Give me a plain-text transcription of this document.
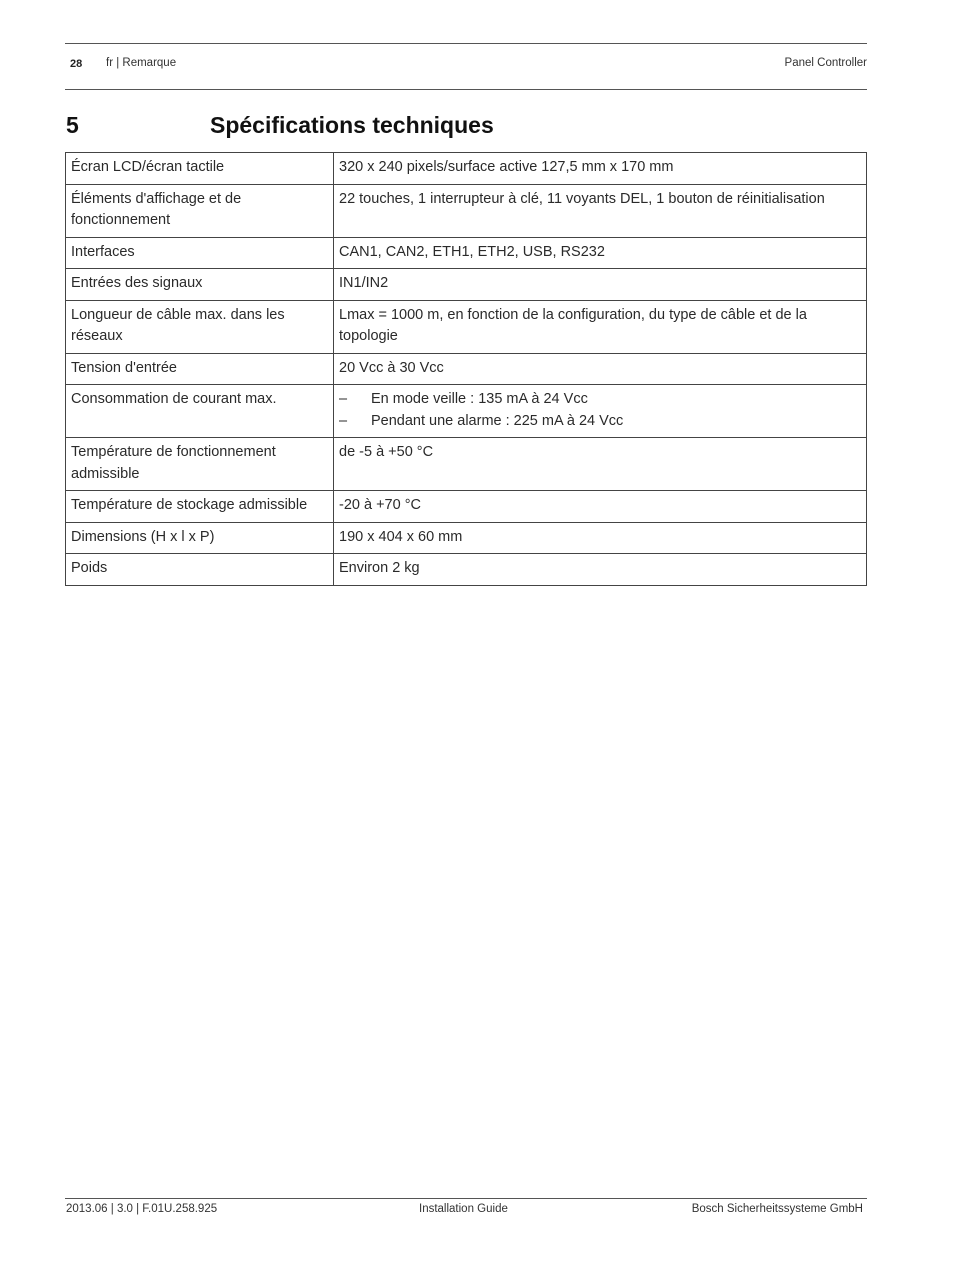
28 fr | Remarque	Panel Controller
5	Spécifications techniques
Écran LCD/écran tactile	320 x 240 pixels/surface active 127,5 mm x 170 mm
Éléments d'affichage et de fonctionnement	22 touches, 1 interrupteur à clé, 11 voyants DEL, 1 bouton de réinitialisation
Interfaces	CAN1, CAN2, ETH1, ETH2, USB, RS232
Entrées des signaux	IN1/IN2
Longueur de câble max. dans les réseaux	Lmax = 1000 m, en fonction de la configuration, du type de câble et de la topologie
Tension d'entrée	20 Vcc à 30 Vcc
Consommation de courant max.	– En mode veille : 135 mA à 24 Vcc
– Pendant une alarme : 225 mA à 24 Vcc

Température de fonctionnement admissible	de -5 à +50 °C
Température de stockage admissible	-20 à +70 °C
Dimensions (H x l x P)	190 x 404 x 60 mm
Poids	Environ 2 kg
2013.06 | 3.0 | F.01U.258.925	Installation Guide	Bosch Sicherheitssysteme GmbH
